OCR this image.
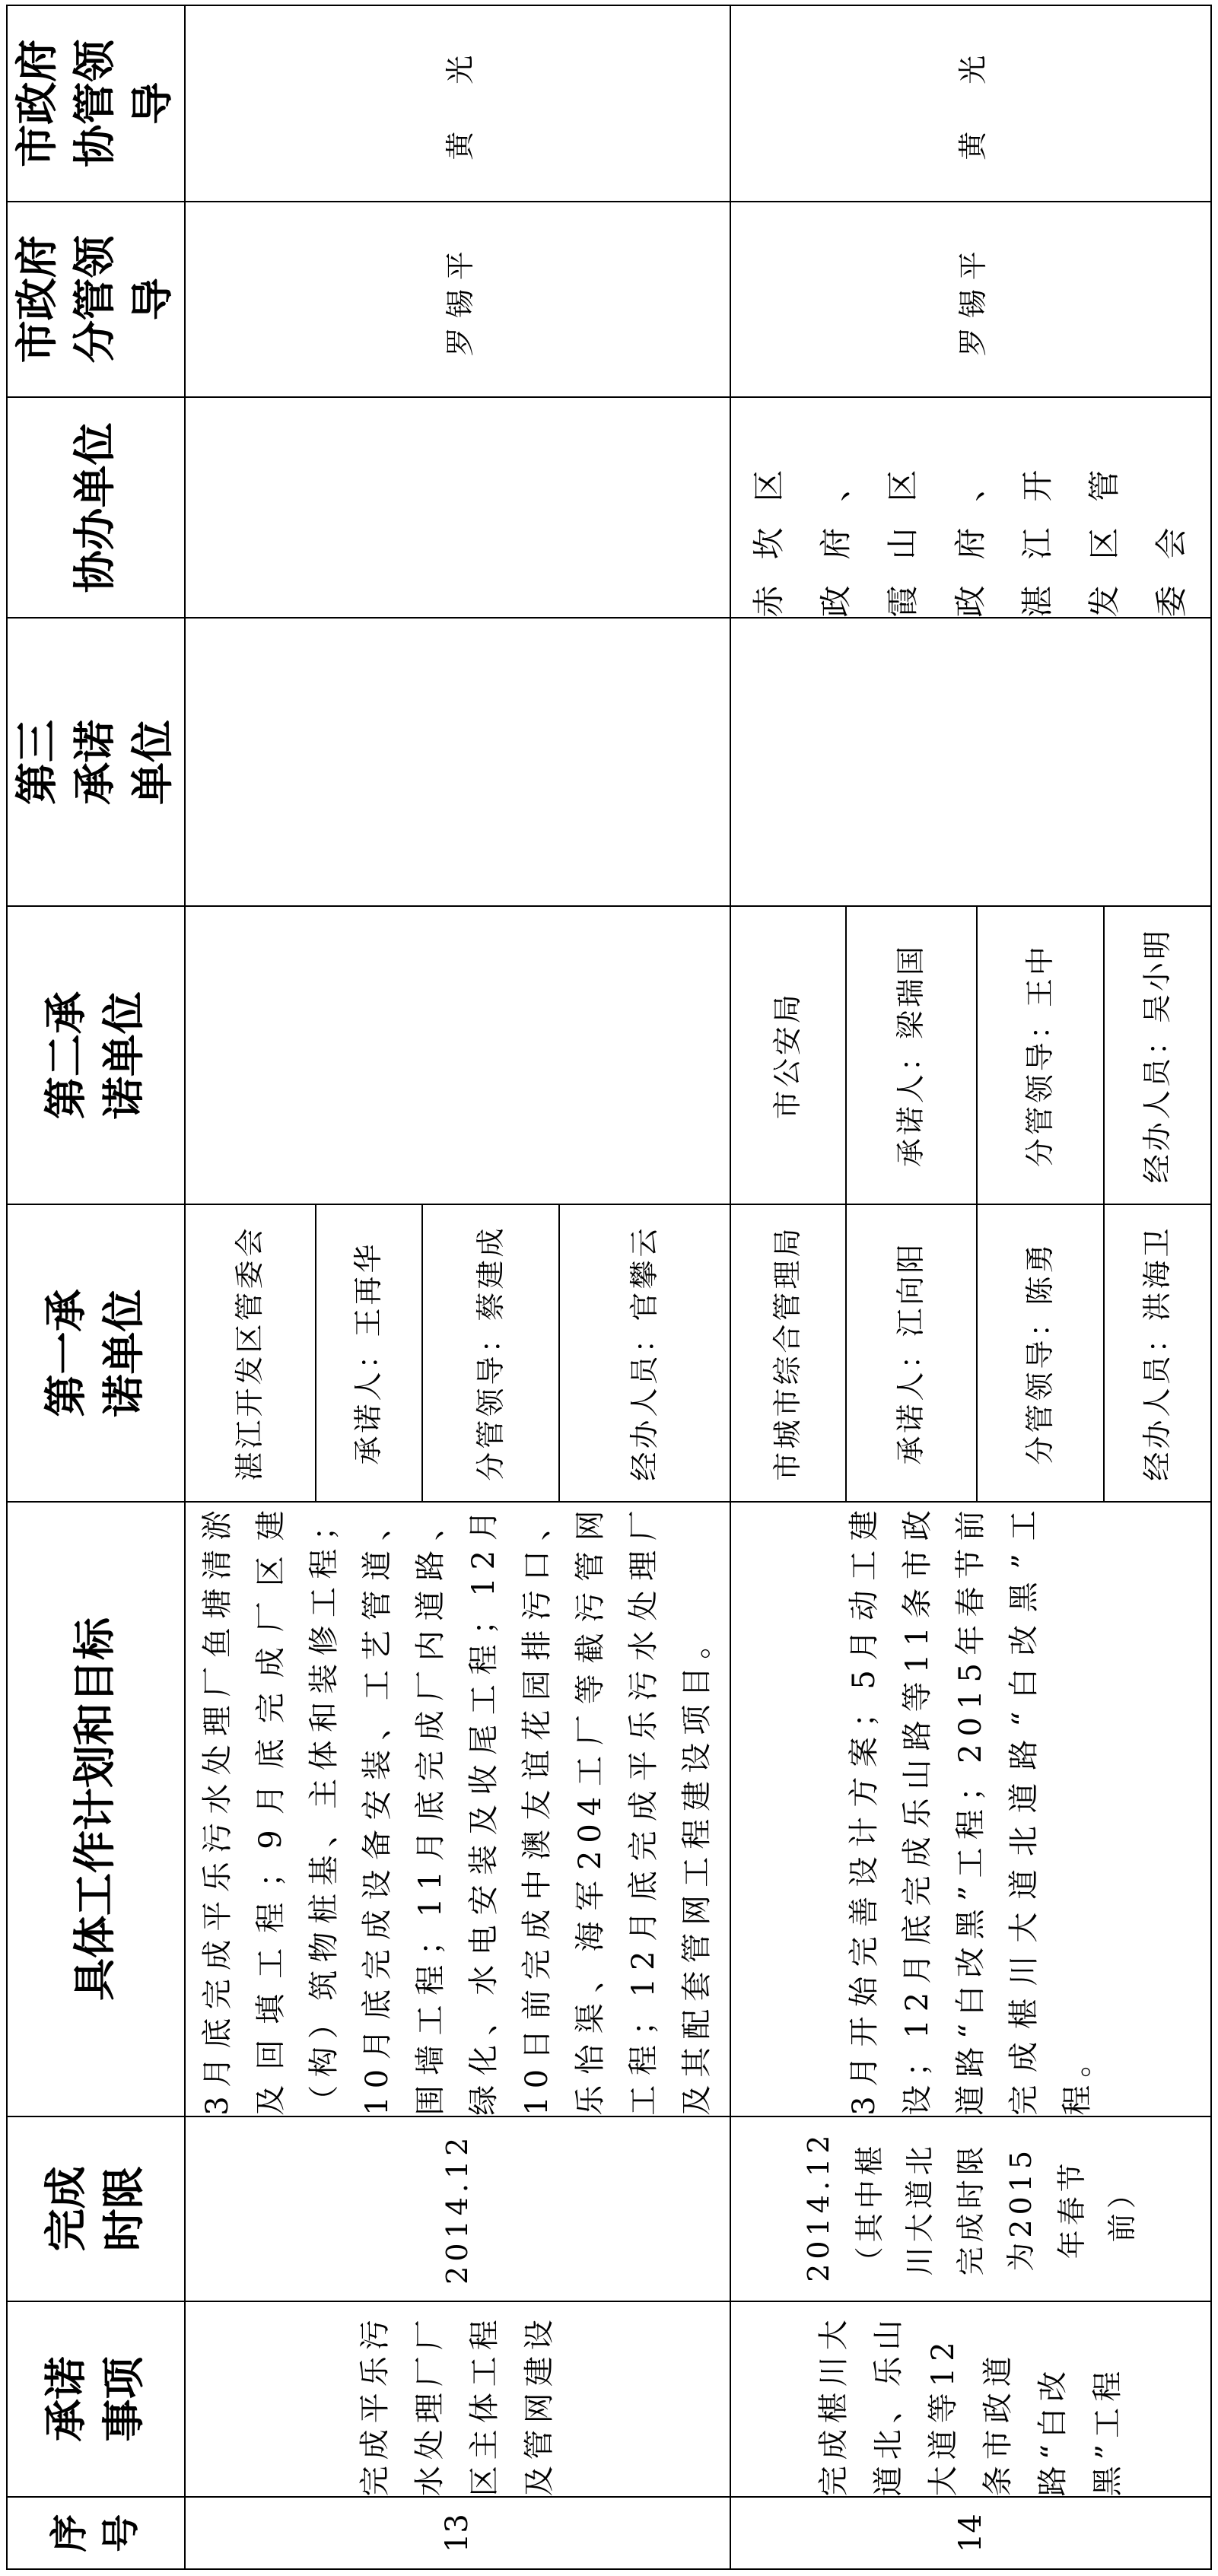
序号	承诺事项	完成时限	具体工作计划和目标	第一承诺单位	第二承诺单位	第三承诺单位	协办单位	市政府分管领导	市政府协管领导
13	完成平乐污水处理厂厂区主体工程及管网建设	2014.12	3月底完成平乐污水处理厂鱼塘清淤及回填工程；9月底完成厂区建（构）筑物桩基、主体和装修工程；10月底完成设备安装、工艺管道、围墙工程；11月底完成厂内道路、绿化、水电安装及收尾工程；12月10日前完成中澳友谊花园排污口、乐怡渠、海军204工厂等截污管网工程；12月底完成平乐污水处理厂及其配套管网工程建设项目。	湛江开发区管委会				罗锡平	黄　光
				承诺人：王再华					
				分管领导：蔡建成					
				经办人员：官攀云					
14	完成椹川大道北、乐山大道等12条市政道路“白改黑”工程	2014.12（其中椹川大道北完成时限为2015年春节前）	3月开始完善设计方案；5月动工建设；12月底完成乐山路等11条市政道路“白改黑”工程；2015年春节前完成椹川大道北道路“白改黑”工程。	市城市综合管理局	市公安局		赤坎区政府、霞山区政府、湛江开发区管委会	罗锡平	黄　光
				承诺人：江向阳	承诺人：梁瑞国				
				分管领导：陈勇	分管领导：王中				
				经办人员：洪海卫	经办人员：吴小明				
